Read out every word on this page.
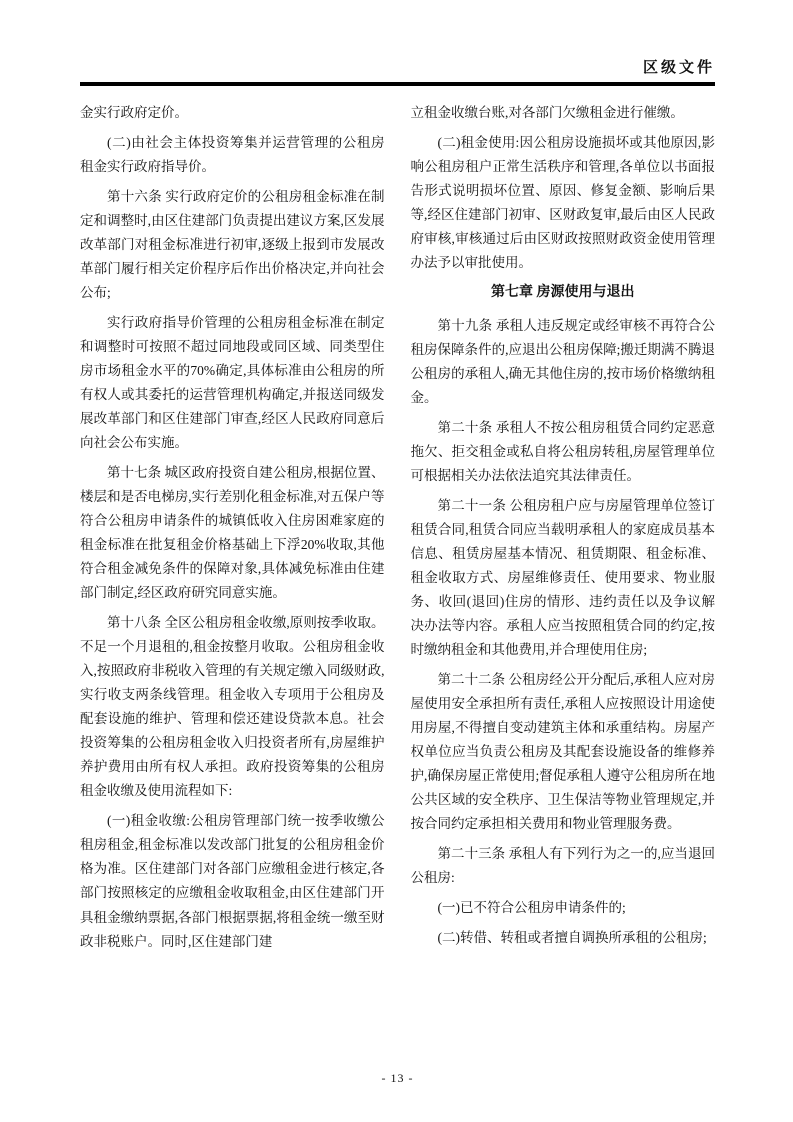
区级文件

金实行政府定价。

(二)由社会主体投资筹集并运营管理的公租房租金实行政府指导价。

第十六条 实行政府定价的公租房租金标准在制定和调整时,由区住建部门负责提出建议方案,区发展改革部门对租金标准进行初审,逐级上报到市发展改革部门履行相关定价程序后作出价格决定,并向社会公布;

实行政府指导价管理的公租房租金标准在制定和调整时可按照不超过同地段或同区域、同类型住房市场租金水平的70%确定,具体标准由公租房的所有权人或其委托的运营管理机构确定,并报送同级发展改革部门和区住建部门审查,经区人民政府同意后向社会公布实施。

第十七条 城区政府投资自建公租房,根据位置、楼层和是否电梯房,实行差别化租金标准,对五保户等符合公租房申请条件的城镇低收入住房困难家庭的租金标准在批复租金价格基础上下浮20%收取,其他符合租金减免条件的保障对象,具体减免标准由住建部门制定,经区政府研究同意实施。

第十八条 全区公租房租金收缴,原则按季收取。不足一个月退租的,租金按整月收取。公租房租金收入,按照政府非税收入管理的有关规定缴入同级财政,实行收支两条线管理。租金收入专项用于公租房及配套设施的维护、管理和偿还建设贷款本息。社会投资筹集的公租房租金收入归投资者所有,房屋维护养护费用由所有权人承担。政府投资筹集的公租房租金收缴及使用流程如下:

(一)租金收缴:公租房管理部门统一按季收缴公租房租金,租金标准以发改部门批复的公租房租金价格为准。区住建部门对各部门应缴租金进行核定,各部门按照核定的应缴租金收取租金,由区住建部门开具租金缴纳票据,各部门根据票据,将租金统一缴至财政非税账户。同时,区住建部门建

立租金收缴台账,对各部门欠缴租金进行催缴。

(二)租金使用:因公租房设施损坏或其他原因,影响公租房租户正常生活秩序和管理,各单位以书面报告形式说明损坏位置、原因、修复金额、影响后果等,经区住建部门初审、区财政复审,最后由区人民政府审核,审核通过后由区财政按照财政资金使用管理办法予以审批使用。

第七章 房源使用与退出

第十九条 承租人违反规定或经审核不再符合公租房保障条件的,应退出公租房保障;搬迁期满不腾退公租房的承租人,确无其他住房的,按市场价格缴纳租金。

第二十条 承租人不按公租房租赁合同约定恶意拖欠、拒交租金或私自将公租房转租,房屋管理单位可根据相关办法依法追究其法律责任。

第二十一条 公租房租户应与房屋管理单位签订租赁合同,租赁合同应当载明承租人的家庭成员基本信息、租赁房屋基本情况、租赁期限、租金标准、租金收取方式、房屋维修责任、使用要求、物业服务、收回(退回)住房的情形、违约责任以及争议解决办法等内容。承租人应当按照租赁合同的约定,按时缴纳租金和其他费用,并合理使用住房;

第二十二条 公租房经公开分配后,承租人应对房屋使用安全承担所有责任,承租人应按照设计用途使用房屋,不得擅自变动建筑主体和承重结构。房屋产权单位应当负责公租房及其配套设施设备的维修养护,确保房屋正常使用;督促承租人遵守公租房所在地公共区域的安全秩序、卫生保洁等物业管理规定,并按合同约定承担相关费用和物业管理服务费。

第二十三条 承租人有下列行为之一的,应当退回公租房:

(一)已不符合公租房申请条件的;

(二)转借、转租或者擅自调换所承租的公租房;

- 13 -
